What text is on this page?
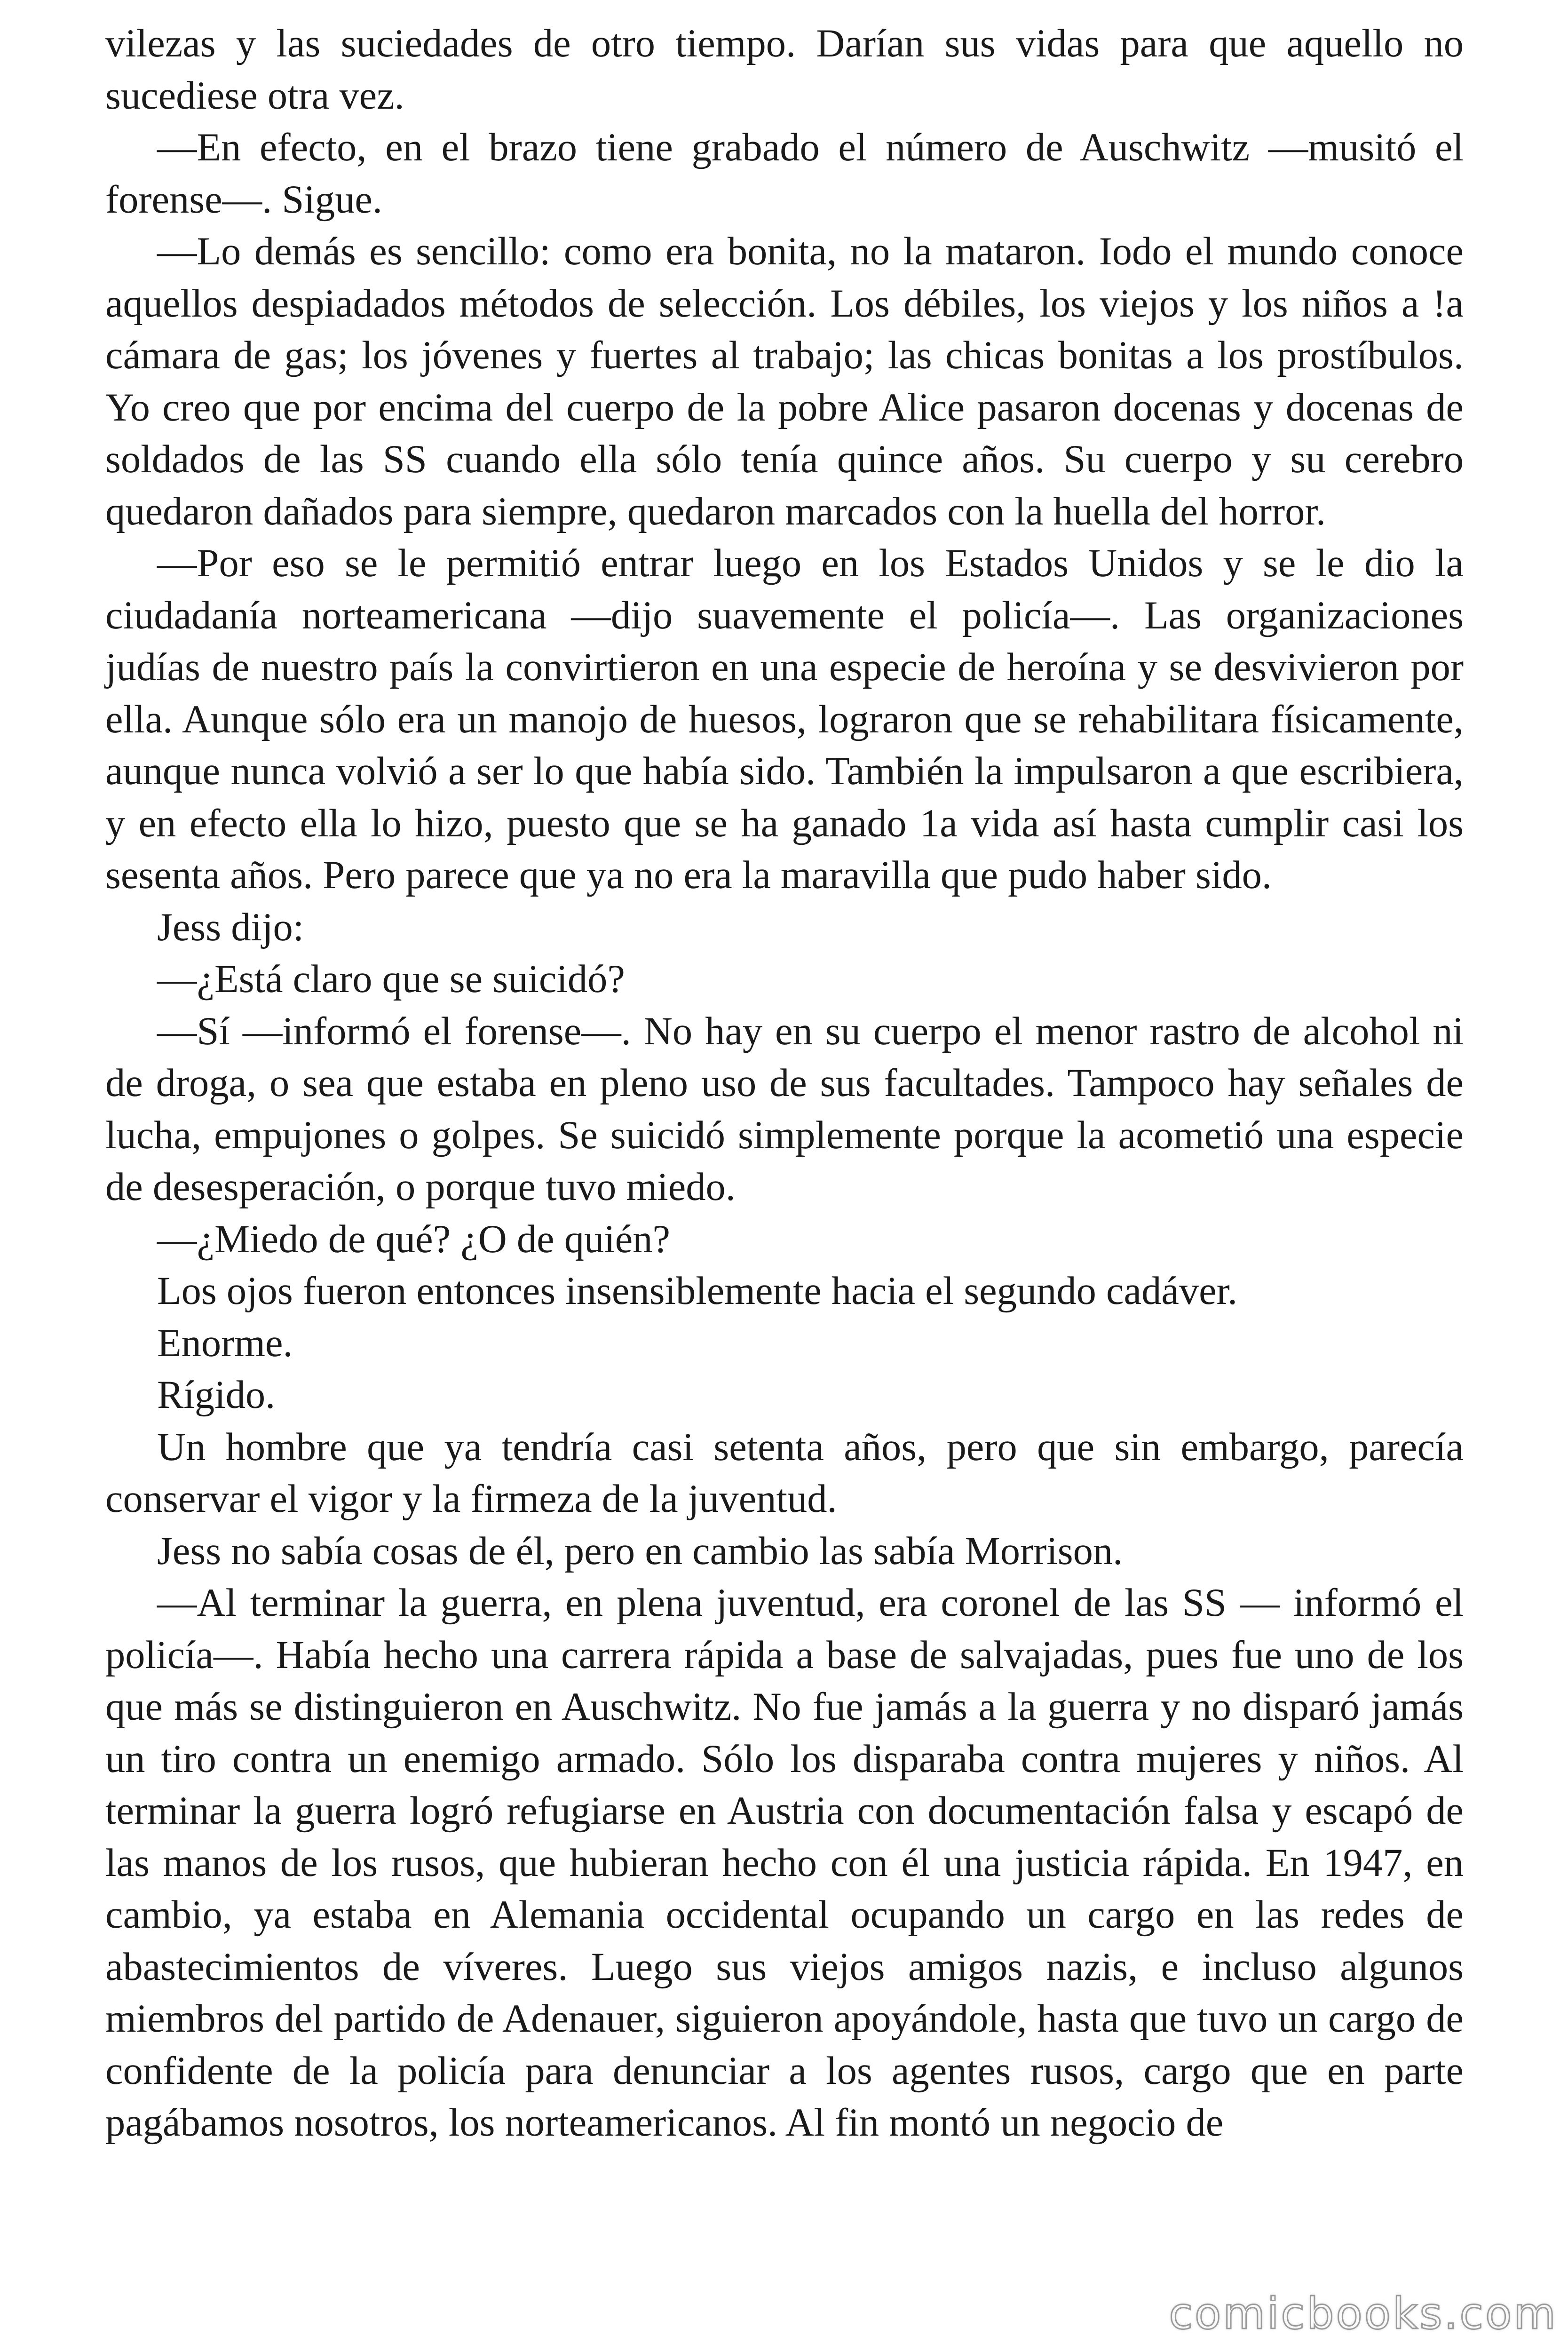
vilezas y las suciedades de otro tiempo. Darían sus vidas para que aquello no sucediese otra vez.

—En efecto, en el brazo tiene grabado el número de Auschwitz —musitó el forense—. Sigue.

—Lo demás es sencillo: como era bonita, no la mataron. Iodo el mundo conoce aquellos despiadados métodos de selección. Los débiles, los viejos y los niños a !a cámara de gas; los jóvenes y fuertes al trabajo; las chicas bonitas a los prostíbulos. Yo creo que por encima del cuerpo de la pobre Alice pasaron docenas y docenas de soldados de las SS cuando ella sólo tenía quince años. Su cuerpo y su cerebro quedaron dañados para siempre, quedaron marcados con la huella del horror.

—Por eso se le permitió entrar luego en los Estados Unidos y se le dio la ciudadanía norteamericana —dijo suavemente el policía—. Las organizaciones judías de nuestro país la convirtieron en una especie de heroína y se desvivieron por ella. Aunque sólo era un manojo de huesos, lograron que se rehabilitara físicamente, aunque nunca volvió a ser lo que había sido. También la impulsaron a que escribiera, y en efecto ella lo hizo, puesto que se ha ganado 1a vida así hasta cumplir casi los sesenta años. Pero parece que ya no era la maravilla que pudo haber sido.

Jess dijo:

—¿Está claro que se suicidó?

—Sí —informó el forense—. No hay en su cuerpo el menor rastro de alcohol ni de droga, o sea que estaba en pleno uso de sus facultades. Tampoco hay señales de lucha, empujones o golpes. Se suicidó simplemente porque la acometió una especie de desesperación, o porque tuvo miedo.

—¿Miedo de qué? ¿O de quién?

Los ojos fueron entonces insensiblemente hacia el segundo cadáver.

Enorme.

Rígido.

Un hombre que ya tendría casi setenta años, pero que sin embargo, parecía conservar el vigor y la firmeza de la juventud.

Jess no sabía cosas de él, pero en cambio las sabía Morrison.

—Al terminar la guerra, en plena juventud, era coronel de las SS — informó el policía—. Había hecho una carrera rápida a base de salvajadas, pues fue uno de los que más se distinguieron en Auschwitz. No fue jamás a la guerra y no disparó jamás un tiro contra un enemigo armado. Sólo los disparaba contra mujeres y niños. Al terminar la guerra logró refugiarse en Austria con documentación falsa y escapó de las manos de los rusos, que hubieran hecho con él una justicia rápida. En 1947, en cambio, ya estaba en Alemania occidental ocupando un cargo en las redes de abastecimientos de víveres. Luego sus viejos amigos nazis, e incluso algunos miembros del partido de Adenauer, siguieron apoyándole, hasta que tuvo un cargo de confidente de la policía para denunciar a los agentes rusos, cargo que en parte pagábamos nosotros, los norteamericanos. Al fin montó un negocio de

comicbooks.com
